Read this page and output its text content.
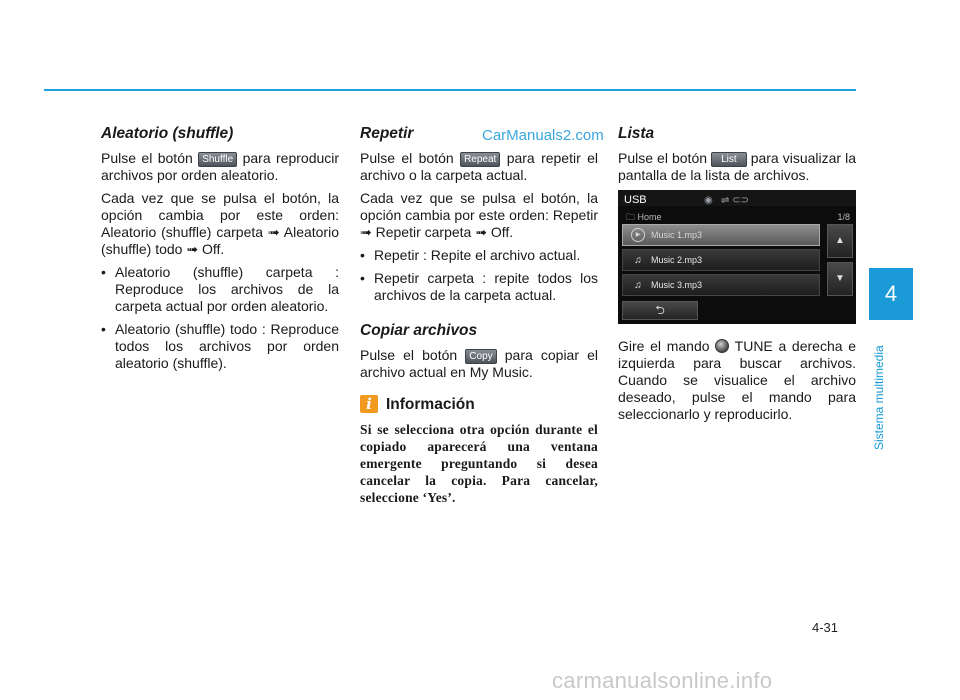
CarManuals2.com
Aleatorio (shuffle)

Pulse el botón Shuffle para reproducir archivos por orden aleatorio.

Cada vez que se pulsa el botón, la opción cambia por este orden: Aleatorio (shuffle) carpeta ➟ Aleatorio (shuffle) todo ➟ Off.

• Aleatorio (shuffle) carpeta : Reproduce los archivos de la carpeta actual por orden aleatorio.
• Aleatorio (shuffle) todo : Reproduce todos los archivos por orden aleatorio (shuffle).
Repetir

Pulse el botón Repeat para repetir el archivo o la carpeta actual.

Cada vez que se pulsa el botón, la opción cambia por este orden: Repetir ➟ Repetir carpeta ➟ Off.

• Repetir : Repite el archivo actual.
• Repetir carpeta : repite todos los archivos de la carpeta actual.
Copiar archivos

Pulse el botón Copy para copiar el archivo actual en My Music.

i Información

Si se selecciona otra opción durante el copiado aparecerá una ventana emergente preguntando si desea cancelar la copia. Para cancelar, seleccione ‘Yes’.

Lista

Pulse el botón List para visualizar la pantalla de la lista de archivos.

USB	◉   ⇌ ⊂⊃
🗀 Home	1/8
▶	Music 1.mp3
♫	Music 2.mp3
♫	Music 3.mp3
▲
▼
⮌

Gire el mando TUNE a derecha e izquierda para buscar archivos. Cuando se visualice el archivo deseado, pulse el mando para seleccionarlo y reproducirlo.

4
Sistema multimedia
4-31
carmanualsonline.info
